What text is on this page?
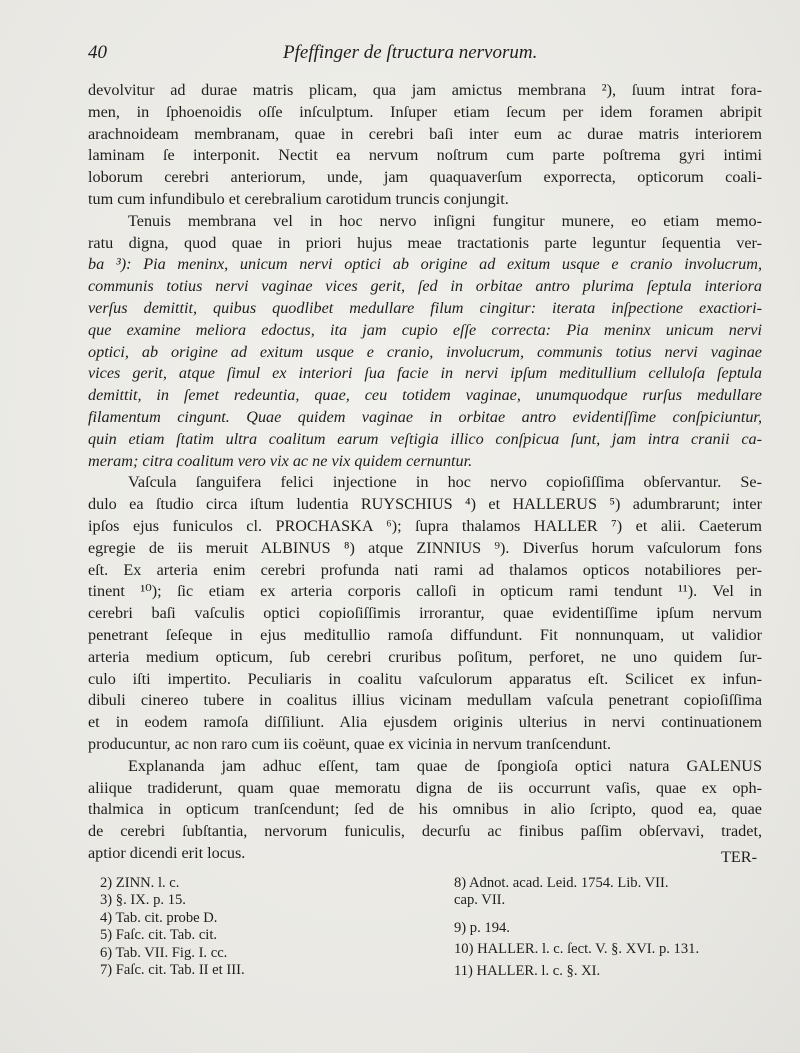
40	Pfeffinger de ſtructura nervorum.
devolvitur ad durae matris plicam, qua jam amictus membrana ²), ſuum intrat fora-
men, in ſphoenoidis oſſe inſculptum. Inſuper etiam ſecum per idem foramen abripit
arachnoideam membranam, quae in cerebri baſi inter eum ac durae matris interiorem
laminam ſe interponit. Nectit ea nervum noſtrum cum parte poſtrema gyri intimi
loborum cerebri anteriorum, unde, jam quaquaverſum exporrecta, opticorum coali-
tum cum infundibulo et cerebralium carotidum truncis conjungit.
Tenuis membrana vel in hoc nervo inſigni fungitur munere, eo etiam memo-
ratu digna, quod quae in priori hujus meae tractationis parte leguntur ſequentia ver-
ba ³): Pia meninx, unicum nervi optici ab origine ad exitum usque e cranio involucrum,
communis totius nervi vaginae vices gerit, ſed in orbitae antro plurima ſeptula interiora
verſus demittit, quibus quodlibet medullare filum cingitur: iterata inſpectione exactiori-
que examine meliora edoctus, ita jam cupio eſſe correcta: Pia meninx unicum nervi
optici, ab origine ad exitum usque e cranio, involucrum, communis totius nervi vaginae
vices gerit, atque ſimul ex interiori ſua facie in nervi ipſum meditullium celluloſa ſeptula
demittit, in ſemet redeuntia, quae, ceu totidem vaginae, unumquodque rurſus medullare
filamentum cingunt. Quae quidem vaginae in orbitae antro evidentiſſime conſpiciuntur,
quin etiam ſtatim ultra coalitum earum veſtigia illico conſpicua ſunt, jam intra cranii ca-
meram; citra coalitum vero vix ac ne vix quidem cernuntur.
Vaſcula ſanguifera felici injectione in hoc nervo copioſiſſima obſervantur. Se-
dulo ea ſtudio circa iſtum ludentia RUYSCHIUS ⁴) et HALLERUS ⁵) adumbrarunt; inter
ipſos ejus funiculos cl. PROCHASKA ⁶); ſupra thalamos HALLER ⁷) et alii. Caeterum
egregie de iis meruit ALBINUS ⁸) atque ZINNIUS ⁹). Diverſus horum vaſculorum fons
eſt. Ex arteria enim cerebri profunda nati rami ad thalamos opticos notabiliores per-
tinent ¹⁰); ſic etiam ex arteria corporis calloſi in opticum rami tendunt ¹¹). Vel in
cerebri baſi vaſculis optici copioſiſſimis irrorantur, quae evidentiſſime ipſum nervum
penetrant ſeſeque in ejus meditullio ramoſa diffundunt. Fit nonnunquam, ut validior
arteria medium opticum, ſub cerebri cruribus poſitum, perforet, ne uno quidem ſur-
culo iſti impertito. Peculiaris in coalitu vaſculorum apparatus eſt. Scilicet ex infun-
dibuli cinereo tubere in coalitus illius vicinam medullam vaſcula penetrant copioſiſſima
et in eodem ramoſa diſſiliunt. Alia ejusdem originis ulterius in nervi continuationem
producuntur, ac non raro cum iis coëunt, quae ex vicinia in nervum tranſcendunt.
Explananda jam adhuc eſſent, tam quae de ſpongioſa optici natura GALENUS
aliique tradiderunt, quam quae memoratu digna de iis occurrunt vaſis, quae ex oph-
thalmica in opticum tranſcendunt; ſed de his omnibus in alio ſcripto, quod ea, quae
de cerebri ſubſtantia, nervorum funiculis, decurſu ac finibus paſſim obſervavi, tradet,
aptior dicendi erit locus.	TER-
2) ZINN. l. c.
3) §. IX. p. 15.
4) Tab. cit. probe D.
5) Faſc. cit. Tab. cit.
6) Tab. VII. Fig. I. cc.
7) Faſc. cit. Tab. II et III.
8) Adnot. acad. Leid. 1754. Lib. VII.
cap. VII.
9) p. 194.
10) HALLER. l. c. ſect. V. §. XVI. p. 131.
11) HALLER. l. c. §. XI.
